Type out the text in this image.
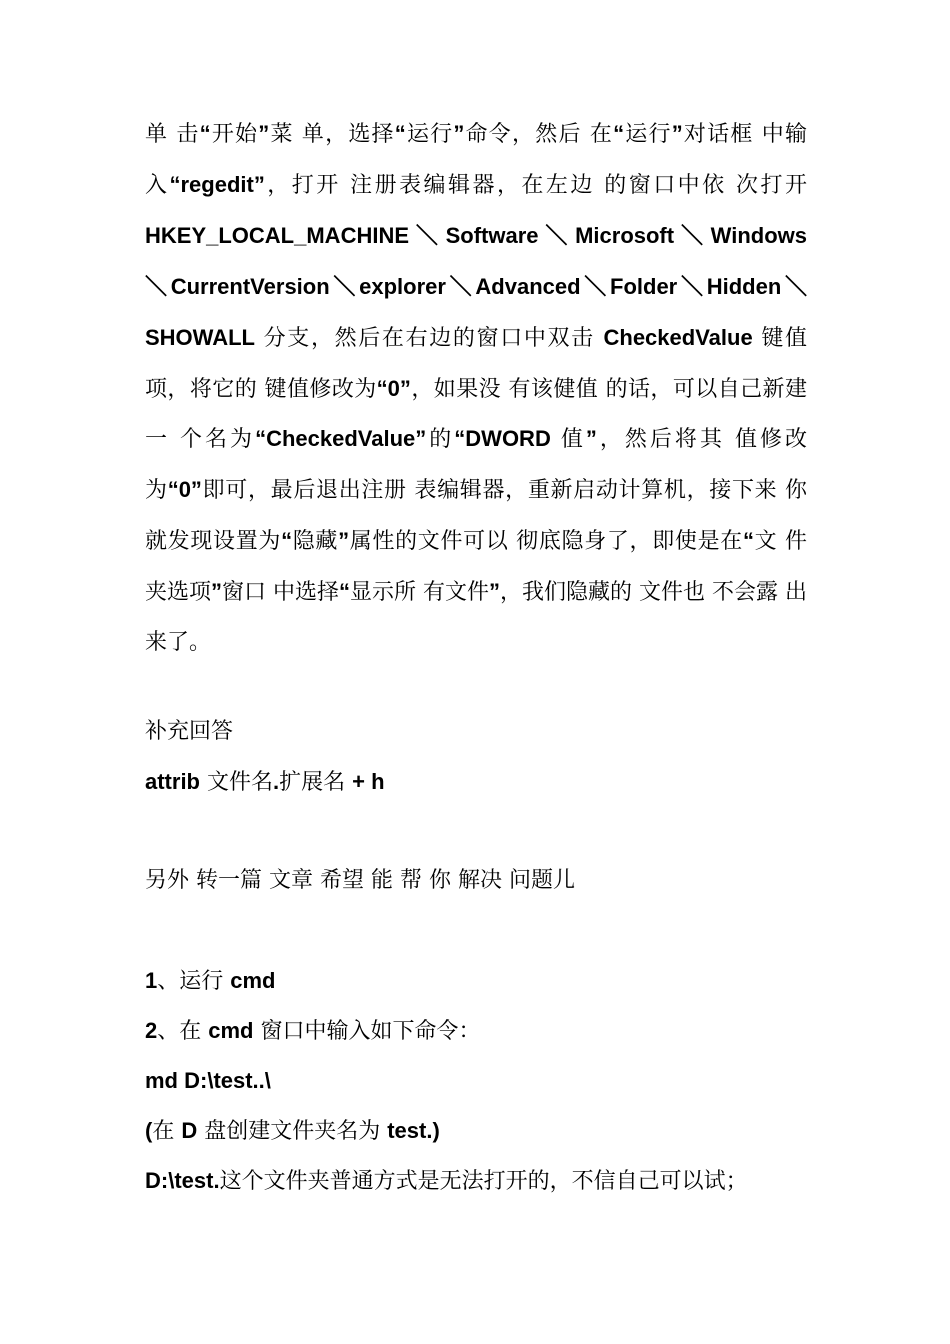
单 击“开始”菜 单，选择“运行”命令，然后 在“运行”对话框 中输入“regedit”，打开 注册表编辑器，在左边 的窗口中依 次打开 HKEY_LOCAL_MACHINE ＼ Software ＼ Microsoft ＼ Windows＼CurrentVersion＼explorer＼Advanced＼Folder＼Hidden＼SHOWALL 分支，然后在右边的窗口中双击 CheckedValue 键值项，将它的 键值修改为“0”，如果没 有该健值 的话，可以自己新建一 个名为“CheckedValue”的“DWORD 值”，然后将其 值修改为“0”即可，最后退出注册 表编辑器，重新启动计算机，接下来 你就发现设置为“隐藏”属性的文件可以 彻底隐身了，即使是在“文 件夹选项”窗口 中选择“显示所 有文件”，我们隐藏的 文件也 不会露 出来了。

补充回答

attrib 文件名.扩展名 + h

另外 转一篇 文章 希望 能 帮 你 解决 问题儿

1、运行 cmd

2、在 cmd 窗口中输入如下命令：

md D:\test..\

(在 D 盘创建文件夹名为 test.)

D:\test.这个文件夹普通方式是无法打开的，不信自己可以试；
